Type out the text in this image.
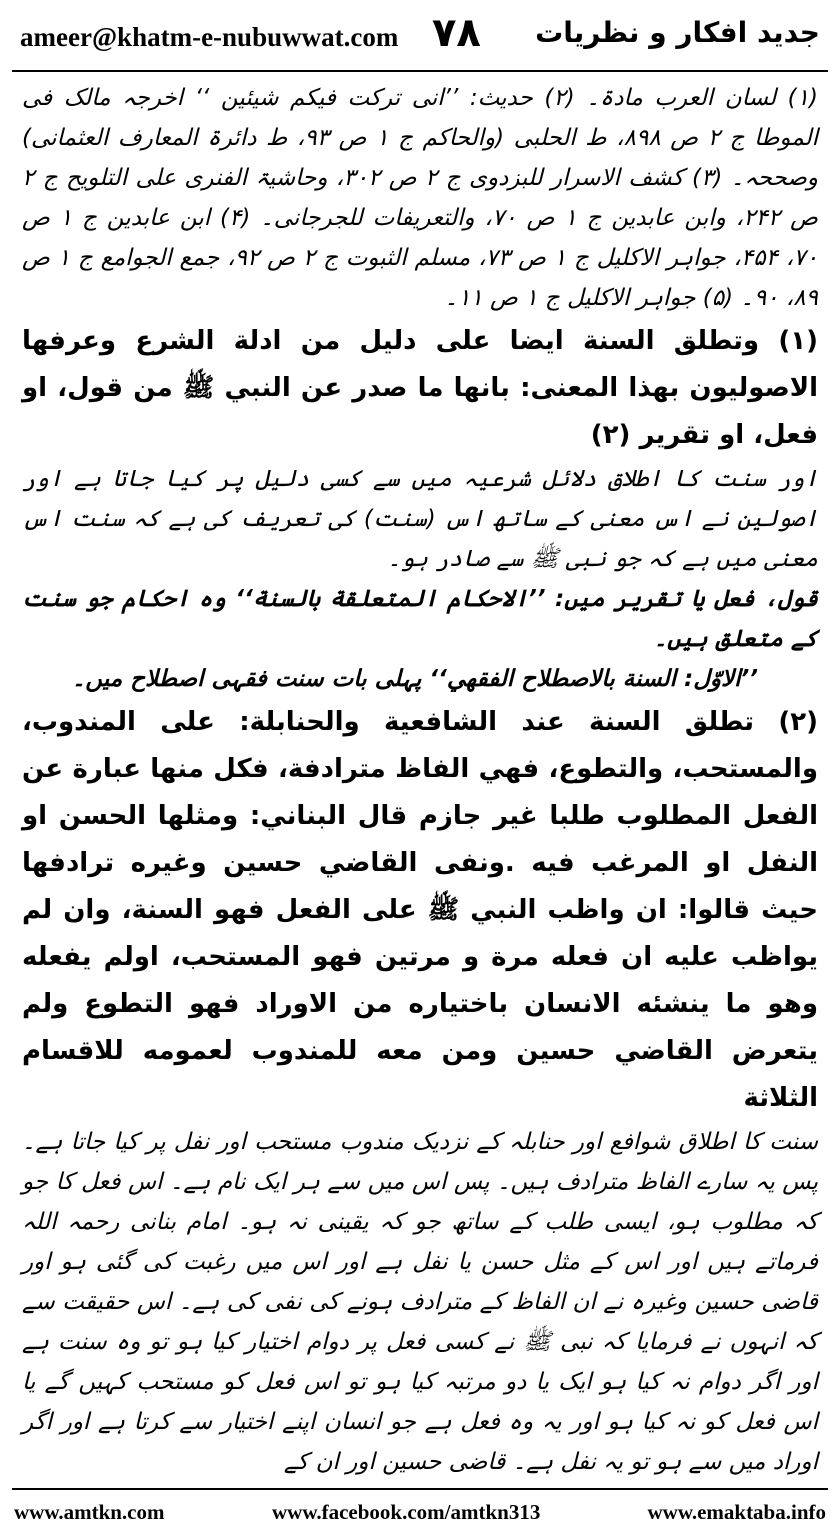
ameer@khatm-e-nubuwwat.com ٧٨ جدید افکار و نظریات

(۱) لسان العرب مادۃ۔ (۲) حدیث: ’’انی ترکت فیکم شیئین ‘‘ اخرجہ مالک فی الموطا ج ۲ ص ۸۹۸، ط الحلبی (والحاکم ج ۱ ص ۹۳، ط دائرۃ المعارف العثمانی) وصححہ۔ (۳) کشف الاسرار للبزدوی ج ۲ ص ۳۰۲، وحاشیۃ الفنری علی التلویح ج ۲ ص ۲۴۲، وابن عابدین ج ۱ ص ۷۰، والتعریفات للجرجانی۔ (۴) ابن عابدین ج ۱ ص ۷۰، ۴۵۴، جواہر الاکلیل ج ۱ ص ۷۳، مسلم الثبوت ج ۲ ص ۹۲، جمع الجوامع ج ۱ ص ۸۹، ۹۰۔ (۵) جواہر الاکلیل ج ۱ ص ۱۱۔

(۱) وتطلق السنة ايضا على دليل من ادلة الشرع وعرفها الاصوليون بهذا المعنى: بانها ما صدر عن النبي ﷺ من قول، او فعل، او تقرير (۲)

اور سنت کا اطلاق دلائل شرعیہ میں سے کسی دلیل پر کیا جاتا ہے اور اصولین نے اس معنی کے ساتھ اس (سنت) کی تعریف کی ہے کہ سنت اس معنی میں ہے کہ جو نبی ﷺ سے صادر ہو۔

قول، فعل یا تقریر میں: ’’الاحكام المتعلقة بالسنة‘‘ وہ احکام جو سنت کے متعلق ہیں۔

’’الاوّل: السنة بالاصطلاح الفقهي‘‘ پہلی بات سنت فقہی اصطلاح میں۔

(۲) تطلق السنة عند الشافعية والحنابلة: على المندوب، والمستحب، والتطوع، فهي الفاظ مترادفة، فكل منها عبارة عن الفعل المطلوب طلبا غير جازم قال البناني: ومثلها الحسن او النفل او المرغب فيه .ونفى القاضي حسين وغيره ترادفها حيث قالوا: ان واظب النبي ﷺ على الفعل فهو السنة، وان لم يواظب عليه ان فعله مرة و مرتين فهو المستحب، اولم يفعله وهو ما ينشئه الانسان باختياره من الاوراد فهو التطوع ولم يتعرض القاضي حسين ومن معه للمندوب لعمومه للاقسام الثلاثة

سنت کا اطلاق شوافع اور حنابلہ کے نزدیک مندوب مستحب اور نفل پر کیا جاتا ہے۔ پس یہ سارے الفاظ مترادف ہیں۔ پس اس میں سے ہر ایک نام ہے۔ اس فعل کا جو کہ مطلوب ہو، ایسی طلب کے ساتھ جو کہ یقینی نہ ہو۔ امام بنانی رحمہ اللہ فرماتے ہیں اور اس کے مثل حسن یا نفل ہے اور اس میں رغبت کی گئی ہو اور قاضی حسین وغیرہ نے ان الفاظ کے مترادف ہونے کی نفی کی ہے۔ اس حقیقت سے کہ انہوں نے فرمایا کہ نبی ﷺ نے کسی فعل پر دوام اختیار کیا ہو تو وہ سنت ہے اور اگر دوام نہ کیا ہو ایک یا دو مرتبہ کیا ہو تو اس فعل کو مستحب کہیں گے یا اس فعل کو نہ کیا ہو اور یہ وہ فعل ہے جو انسان اپنے اختیار سے کرتا ہے اور اگر اوراد میں سے ہو تو یہ نفل ہے۔ قاضی حسین اور ان کے

www.amtkn.com	www.facebook.com/amtkn313	www.emaktaba.info
